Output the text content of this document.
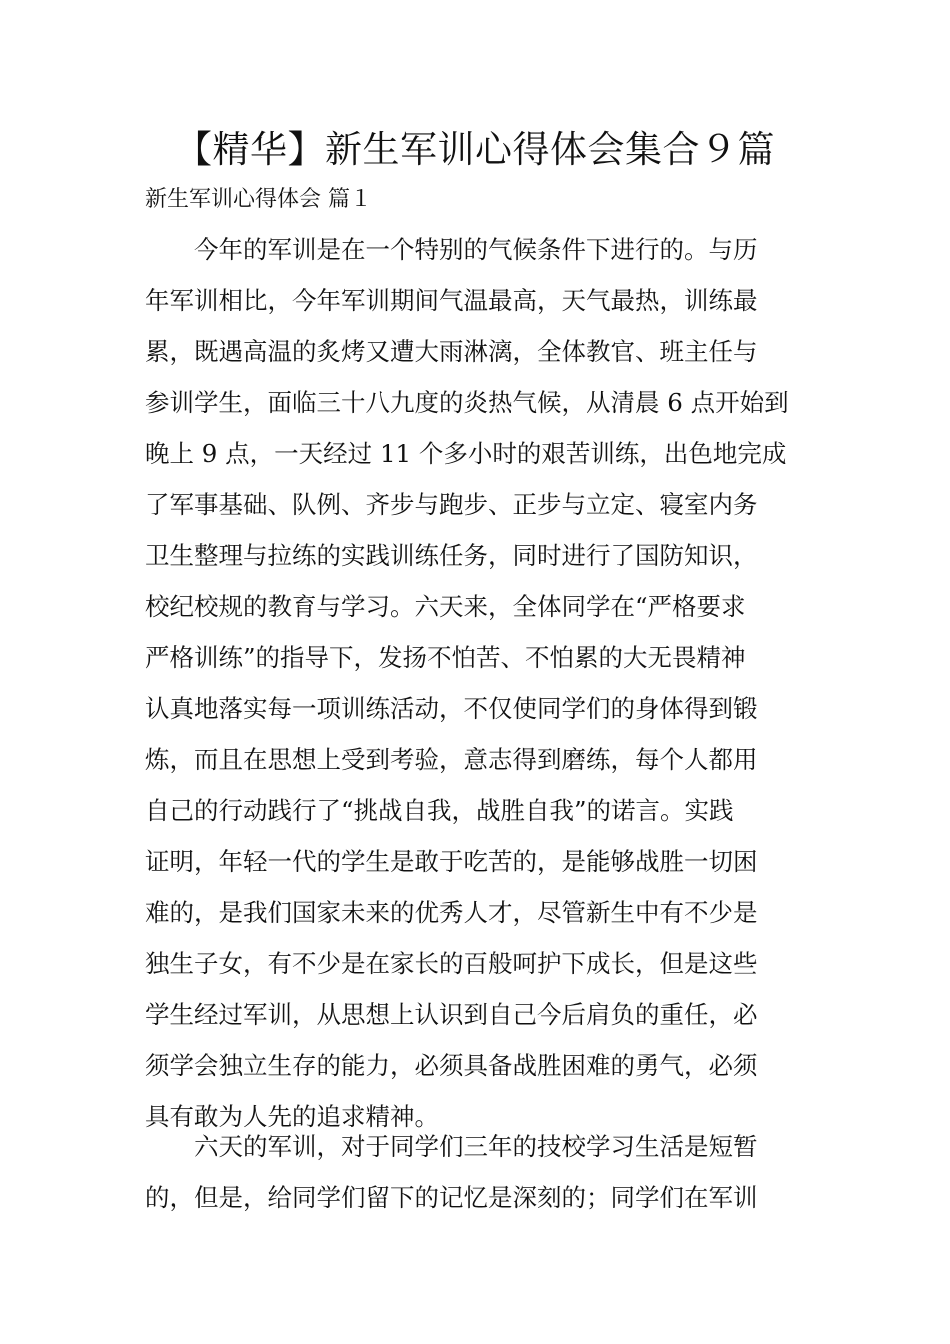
【精华】新生军训心得体会集合９篇
新生军训心得体会 篇１
今年的军训是在一个特别的气候条件下进行的。与历
年军训相比，今年军训期间气温最高，天气最热，训练最
累，既遇高温的炙烤又遭大雨淋漓，全体教官、班主任与
参训学生，面临三十八九度的炎热气候，从清晨 6 点开始到
晚上 9 点，一天经过 11 个多小时的艰苦训练，出色地完成
了军事基础、队例、齐步与跑步、正步与立定、寝室内务
卫生整理与拉练的实践训练任务，同时进行了国防知识，
校纪校规的教育与学习。六天来，全体同学在“严格要求
严格训练”的指导下，发扬不怕苦、不怕累的大无畏精神
认真地落实每一项训练活动，不仅使同学们的身体得到锻
炼，而且在思想上受到考验，意志得到磨练，每个人都用
自己的行动践行了“挑战自我，战胜自我”的诺言。实践
证明，年轻一代的学生是敢于吃苦的，是能够战胜一切困
难的，是我们国家未来的优秀人才，尽管新生中有不少是
独生子女，有不少是在家长的百般呵护下成长，但是这些
学生经过军训，从思想上认识到自己今后肩负的重任，必
须学会独立生存的能力，必须具备战胜困难的勇气，必须
具有敢为人先的追求精神。
六天的军训，对于同学们三年的技校学习生活是短暂
的，但是，给同学们留下的记忆是深刻的；同学们在军训
